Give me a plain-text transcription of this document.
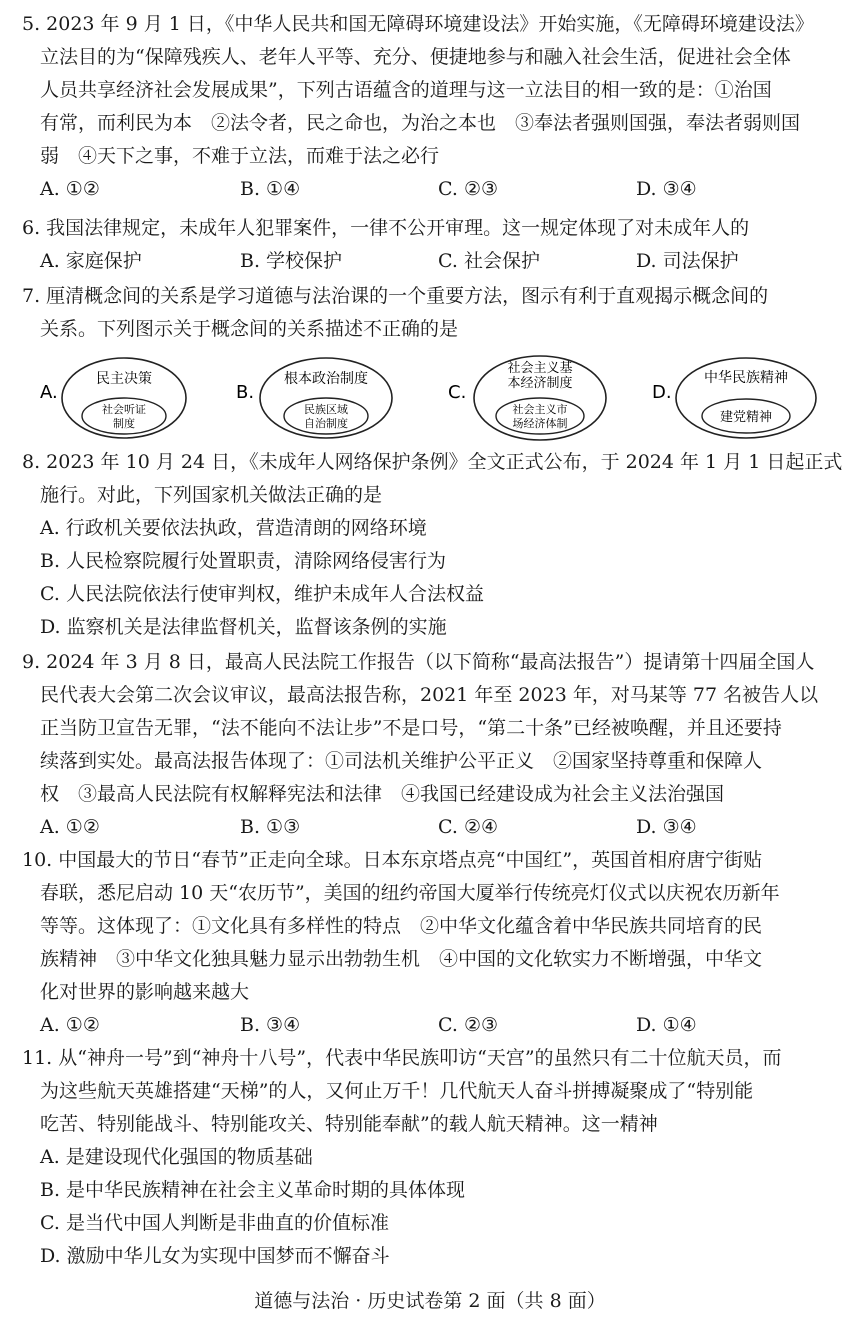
5. 2023 年 9 月 1 日，《中华人民共和国无障碍环境建设法》开始实施，《无障碍环境建设法》
立法目的为“保障残疾人、老年人平等、充分、便捷地参与和融入社会生活，促进社会全体
人员共享经济社会发展成果”，下列古语蕴含的道理与这一立法目的相一致的是：①治国
有常，而利民为本　②法令者，民之命也，为治之本也　③奉法者强则国强，奉法者弱则国
弱　④天下之事，不难于立法，而难于法之必行
A. ①②	B. ①④	C. ②③	D. ③④
6. 我国法律规定，未成年人犯罪案件，一律不公开审理。这一规定体现了对未成年人的
A. 家庭保护	B. 学校保护	C. 社会保护	D. 司法保护
7. 厘清概念间的关系是学习道德与法治课的一个重要方法，图示有利于直观揭示概念间的
关系。下列图示关于概念间的关系描述不正确的是
A.
民主决策
社会听证
制度
B.
根本政治制度
民族区域
自治制度
C.
社会主义基
本经济制度
社会主义市
场经济体制
D.
中华民族精神
建党精神
8. 2023 年 10 月 24 日，《未成年人网络保护条例》全文正式公布，于 2024 年 1 月 1 日起正式
施行。对此，下列国家机关做法正确的是
A. 行政机关要依法执政，营造清朗的网络环境
B. 人民检察院履行处置职责，清除网络侵害行为
C. 人民法院依法行使审判权，维护未成年人合法权益
D. 监察机关是法律监督机关，监督该条例的实施
9. 2024 年 3 月 8 日，最高人民法院工作报告（以下简称“最高法报告”）提请第十四届全国人
民代表大会第二次会议审议，最高法报告称，2021 年至 2023 年，对马某等 77 名被告人以
正当防卫宣告无罪，“法不能向不法让步”不是口号，“第二十条”已经被唤醒，并且还要持
续落到实处。最高法报告体现了：①司法机关维护公平正义　②国家坚持尊重和保障人
权　③最高人民法院有权解释宪法和法律　④我国已经建设成为社会主义法治强国
A. ①②	B. ①③	C. ②④	D. ③④
10. 中国最大的节日“春节”正走向全球。日本东京塔点亮“中国红”，英国首相府唐宁街贴
春联，悉尼启动 10 天“农历节”，美国的纽约帝国大厦举行传统亮灯仪式以庆祝农历新年
等等。这体现了：①文化具有多样性的特点　②中华文化蕴含着中华民族共同培育的民
族精神　③中华文化独具魅力显示出勃勃生机　④中国的文化软实力不断增强，中华文
化对世界的影响越来越大
A. ①②	B. ③④	C. ②③	D. ①④
11. 从“神舟一号”到“神舟十八号”，代表中华民族叩访“天宫”的虽然只有二十位航天员，而
为这些航天英雄搭建“天梯”的人，又何止万千！几代航天人奋斗拼搏凝聚成了“特别能
吃苦、特别能战斗、特别能攻关、特别能奉献”的载人航天精神。这一精神
A. 是建设现代化强国的物质基础
B. 是中华民族精神在社会主义革命时期的具体体现
C. 是当代中国人判断是非曲直的价值标准
D. 激励中华儿女为实现中国梦而不懈奋斗
道德与法治 · 历史试卷第 2 面（共 8 面）
